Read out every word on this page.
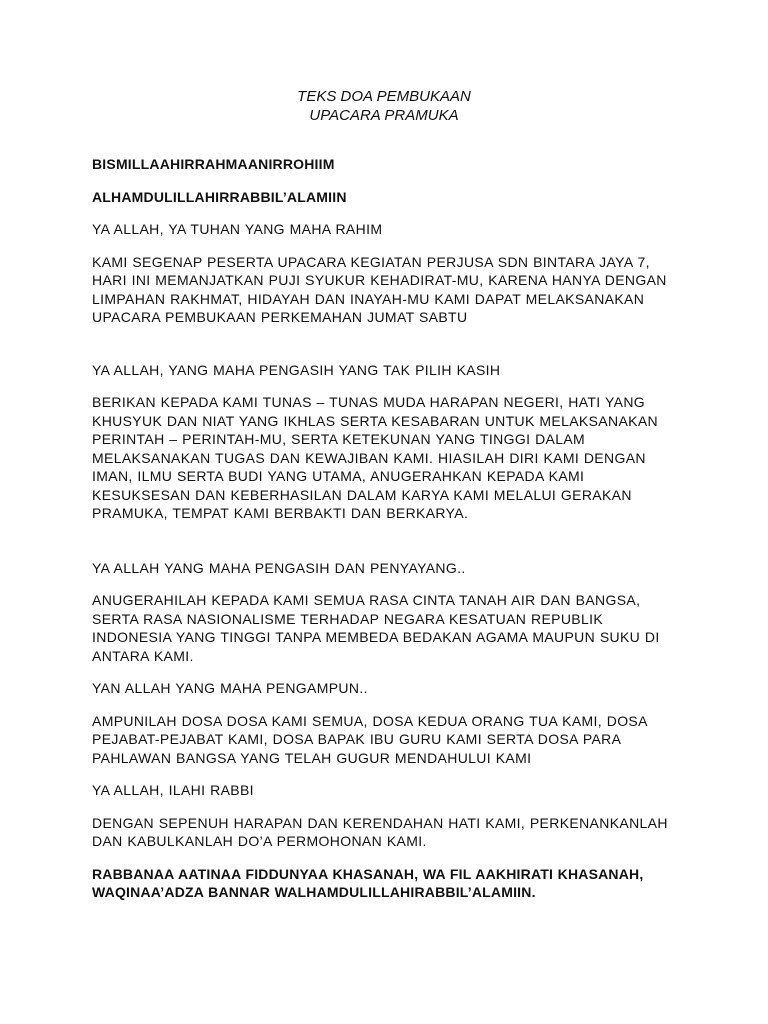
TEKS DOA PEMBUKAAN
UPACARA PRAMUKA

BISMILLAAHIRRAHMAANIRROHIIM

ALHAMDULILLAHIRRABBIL’ALAMIIN

YA ALLAH, YA TUHAN YANG MAHA RAHIM

KAMI SEGENAP PESERTA UPACARA KEGIATAN PERJUSA SDN BINTARA JAYA 7, HARI INI MEMANJATKAN PUJI SYUKUR KEHADIRAT-MU, KARENA HANYA DENGAN LIMPAHAN RAKHMAT, HIDAYAH DAN INAYAH-MU KAMI DAPAT MELAKSANAKAN UPACARA PEMBUKAAN PERKEMAHAN JUMAT SABTU

YA ALLAH, YANG MAHA PENGASIH YANG TAK PILIH KASIH

BERIKAN KEPADA KAMI TUNAS – TUNAS MUDA HARAPAN NEGERI, HATI YANG KHUSYUK DAN NIAT YANG IKHLAS SERTA KESABARAN UNTUK MELAKSANAKAN PERINTAH – PERINTAH-MU, SERTA KETEKUNAN YANG TINGGI DALAM MELAKSANAKAN TUGAS DAN KEWAJIBAN KAMI. HIASILAH DIRI KAMI DENGAN IMAN, ILMU SERTA BUDI YANG UTAMA, ANUGERAHKAN KEPADA KAMI KESUKSESAN DAN KEBERHASILAN DALAM KARYA KAMI MELALUI GERAKAN PRAMUKA, TEMPAT KAMI BERBAKTI DAN BERKARYA.

YA ALLAH YANG MAHA PENGASIH DAN PENYAYANG..

ANUGERAHILAH KEPADA KAMI SEMUA RASA CINTA TANAH AIR DAN BANGSA, SERTA RASA NASIONALISME TERHADAP NEGARA KESATUAN REPUBLIK INDONESIA YANG TINGGI TANPA MEMBEDA BEDAKAN AGAMA MAUPUN SUKU DI ANTARA KAMI.

YAN ALLAH YANG MAHA PENGAMPUN..

AMPUNILAH DOSA DOSA KAMI SEMUA, DOSA KEDUA ORANG TUA KAMI, DOSA PEJABAT-PEJABAT KAMI, DOSA BAPAK IBU GURU KAMI SERTA DOSA PARA PAHLAWAN BANGSA YANG TELAH GUGUR MENDAHULUI KAMI

YA ALLAH, ILAHI RABBI

DENGAN SEPENUH HARAPAN DAN KERENDAHAN HATI KAMI, PERKENANKANLAH DAN KABULKANLAH DO’A PERMOHONAN KAMI.

RABBANAA AATINAA FIDDUNYAA KHASANAH, WA FIL AAKHIRATI KHASANAH, WAQINAA’ADZA BANNAR WALHAMDULILLAHIRABBIL’ALAMIIN.
